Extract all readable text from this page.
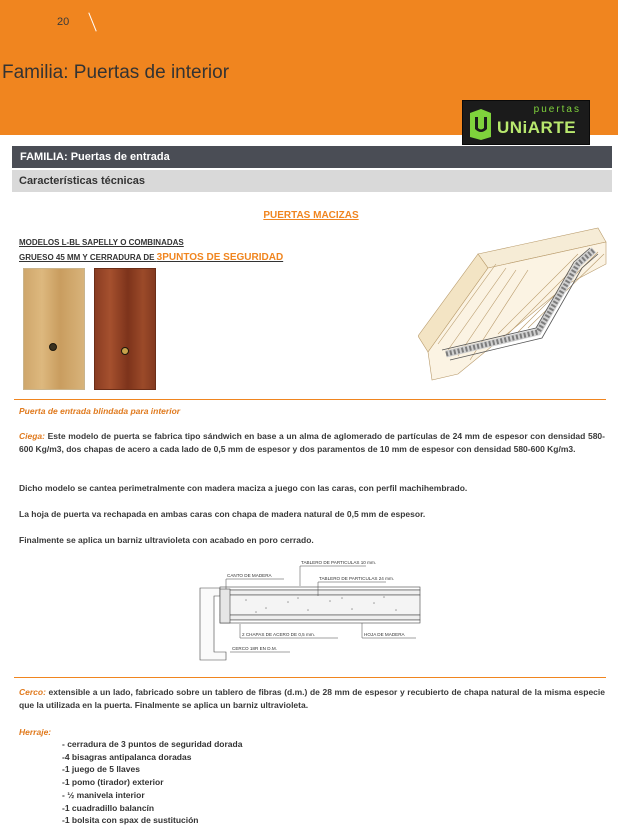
20
Familia: Puertas de interior
puertas
UNiARTE
FAMILIA: Puertas de entrada
Características técnicas
PUERTAS MACIZAS
MODELOS L-BL SAPELLY O COMBINADAS
GRUESO 45 MM Y CERRADURA DE 3PUNTOS DE SEGURIDAD
Puerta de entrada blindada para interior

Ciega: Este modelo de puerta se fabrica tipo sándwich en base a un alma de aglomerado de partículas de 24 mm de espesor con densidad 580-600 Kg/m3, dos chapas de acero a cada lado de 0,5 mm de espesor y dos paramentos de 10 mm de espesor con densidad 580-600 Kg/m3.

Dicho modelo se cantea perimetralmente con madera maciza a juego con las caras, con perfil machihembrado.

La hoja de puerta va rechapada en ambas caras con chapa de madera natural de 0,5 mm de espesor.

Finalmente se aplica un barniz ultravioleta con acabado en poro cerrado.

TABLERO DE PARTICULAS 10 mm.
CANTO DE MADERA
TABLERO DE PARTICULAS 24 mm.
2 CHAPAS DE ACERO DE 0,5 mm.	HOJA DE MADERA
CERCO 18R EN D.M.

Cerco: extensible a un lado, fabricado sobre un tablero de fibras (d.m.) de 28 mm de espesor y recubierto de chapa natural de la misma especie que la utilizada en la puerta. Finalmente se aplica un barniz ultravioleta.

Herraje:
- cerradura de 3 puntos de seguridad dorada
-4 bisagras antipalanca doradas
-1 juego de 5 llaves
-1 pomo (tirador) exterior
- ½ manivela interior
-1 cuadradillo balancín
-1 bolsita con spax de sustitución
